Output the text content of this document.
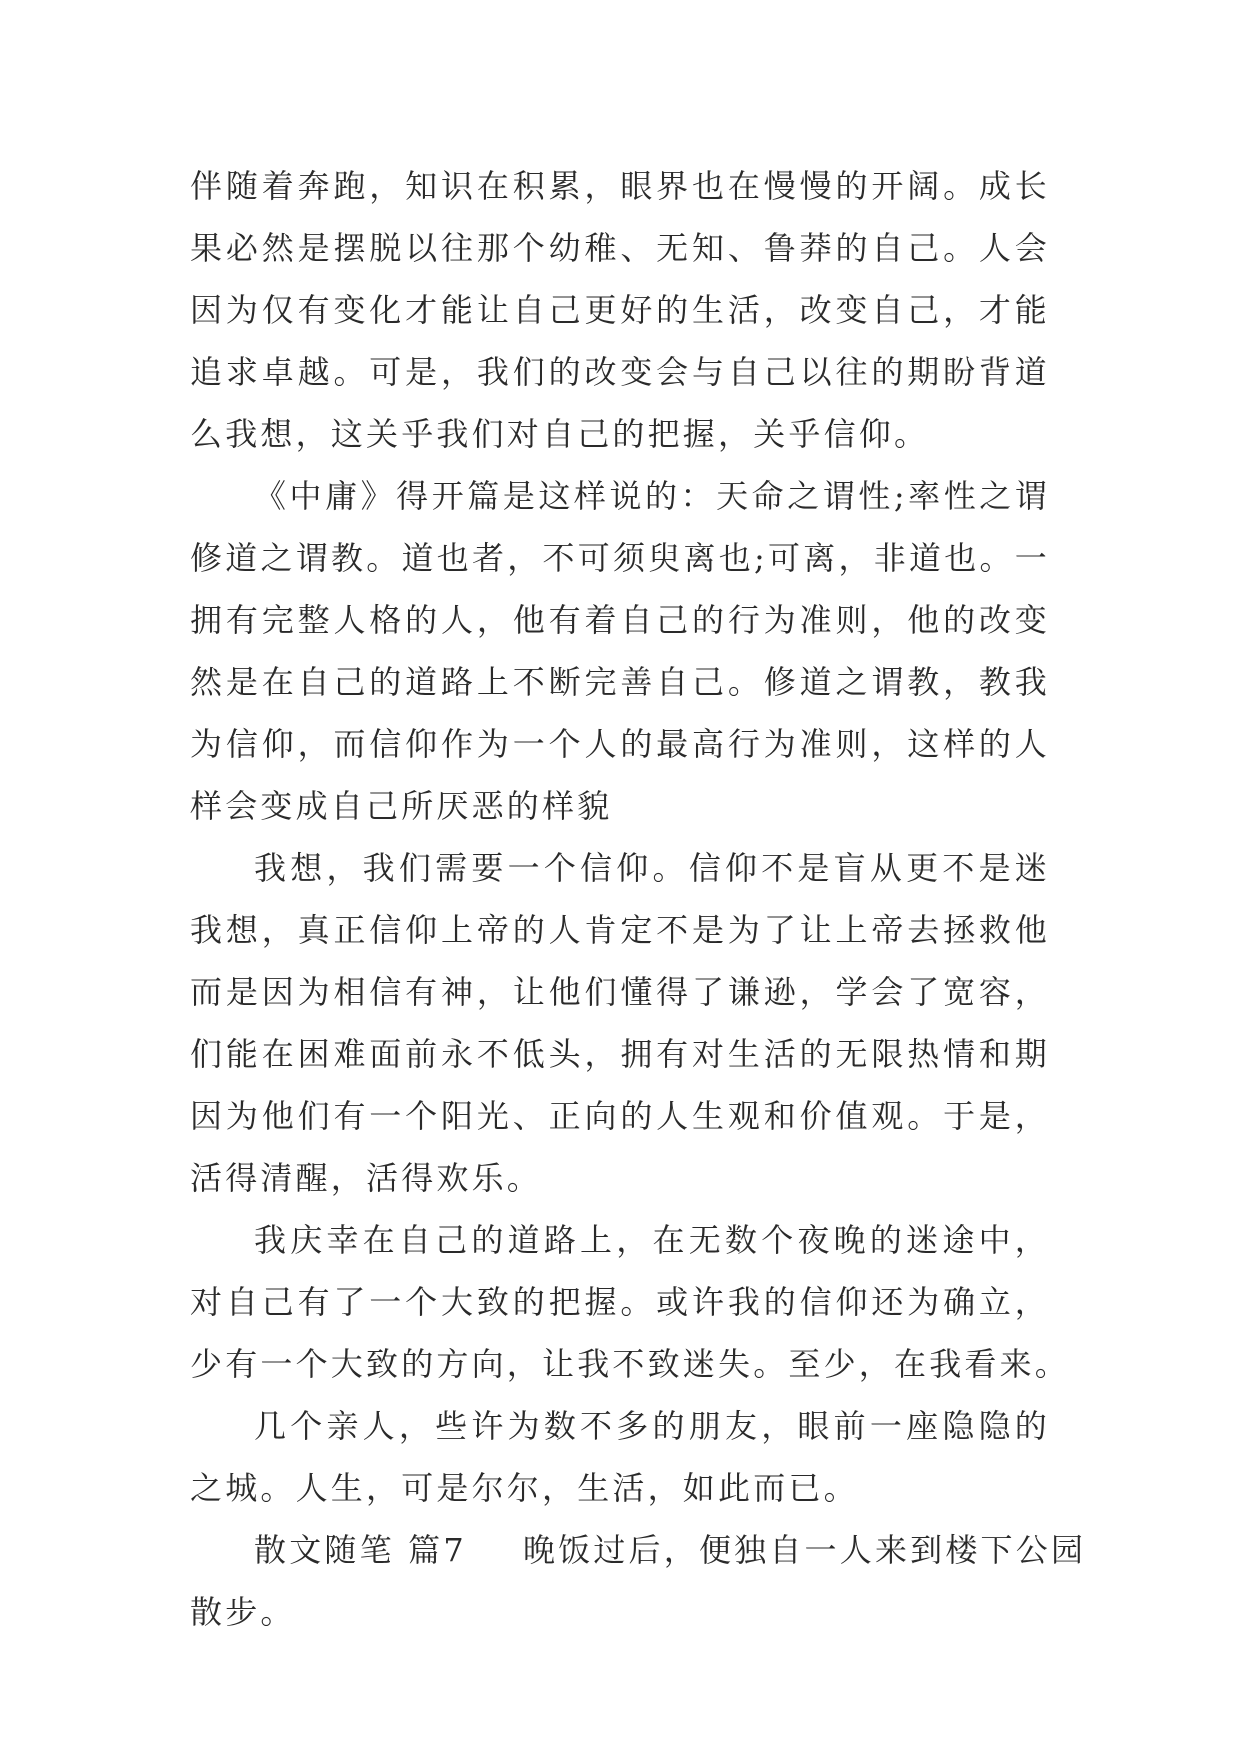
伴随着奔跑，知识在积累，眼界也在慢慢的开阔。成长
果必然是摆脱以往那个幼稚、无知、鲁莽的自己。人会
因为仅有变化才能让自己更好的生活，改变自己，才能
追求卓越。可是，我们的改变会与自己以往的期盼背道
么我想，这关乎我们对自己的把握，关乎信仰。
《中庸》得开篇是这样说的：天命之谓性;率性之谓
修道之谓教。道也者，不可须臾离也;可离，非道也。一
拥有完整人格的人，他有着自己的行为准则，他的改变
然是在自己的道路上不断完善自己。修道之谓教，教我
为信仰，而信仰作为一个人的最高行为准则，这样的人
样会变成自己所厌恶的样貌
我想，我们需要一个信仰。信仰不是盲从更不是迷
我想，真正信仰上帝的人肯定不是为了让上帝去拯救他
而是因为相信有神，让他们懂得了谦逊，学会了宽容，
们能在困难面前永不低头，拥有对生活的无限热情和期
因为他们有一个阳光、正向的人生观和价值观。于是，
活得清醒，活得欢乐。
我庆幸在自己的道路上，在无数个夜晚的迷途中，
对自己有了一个大致的把握。或许我的信仰还为确立，
少有一个大致的方向，让我不致迷失。至少，在我看来。
几个亲人，些许为数不多的朋友，眼前一座隐隐的
之城。人生，可是尔尔，生活，如此而已。
散文随笔 篇7 晚饭过后，便独自一人来到楼下公园
散步。
